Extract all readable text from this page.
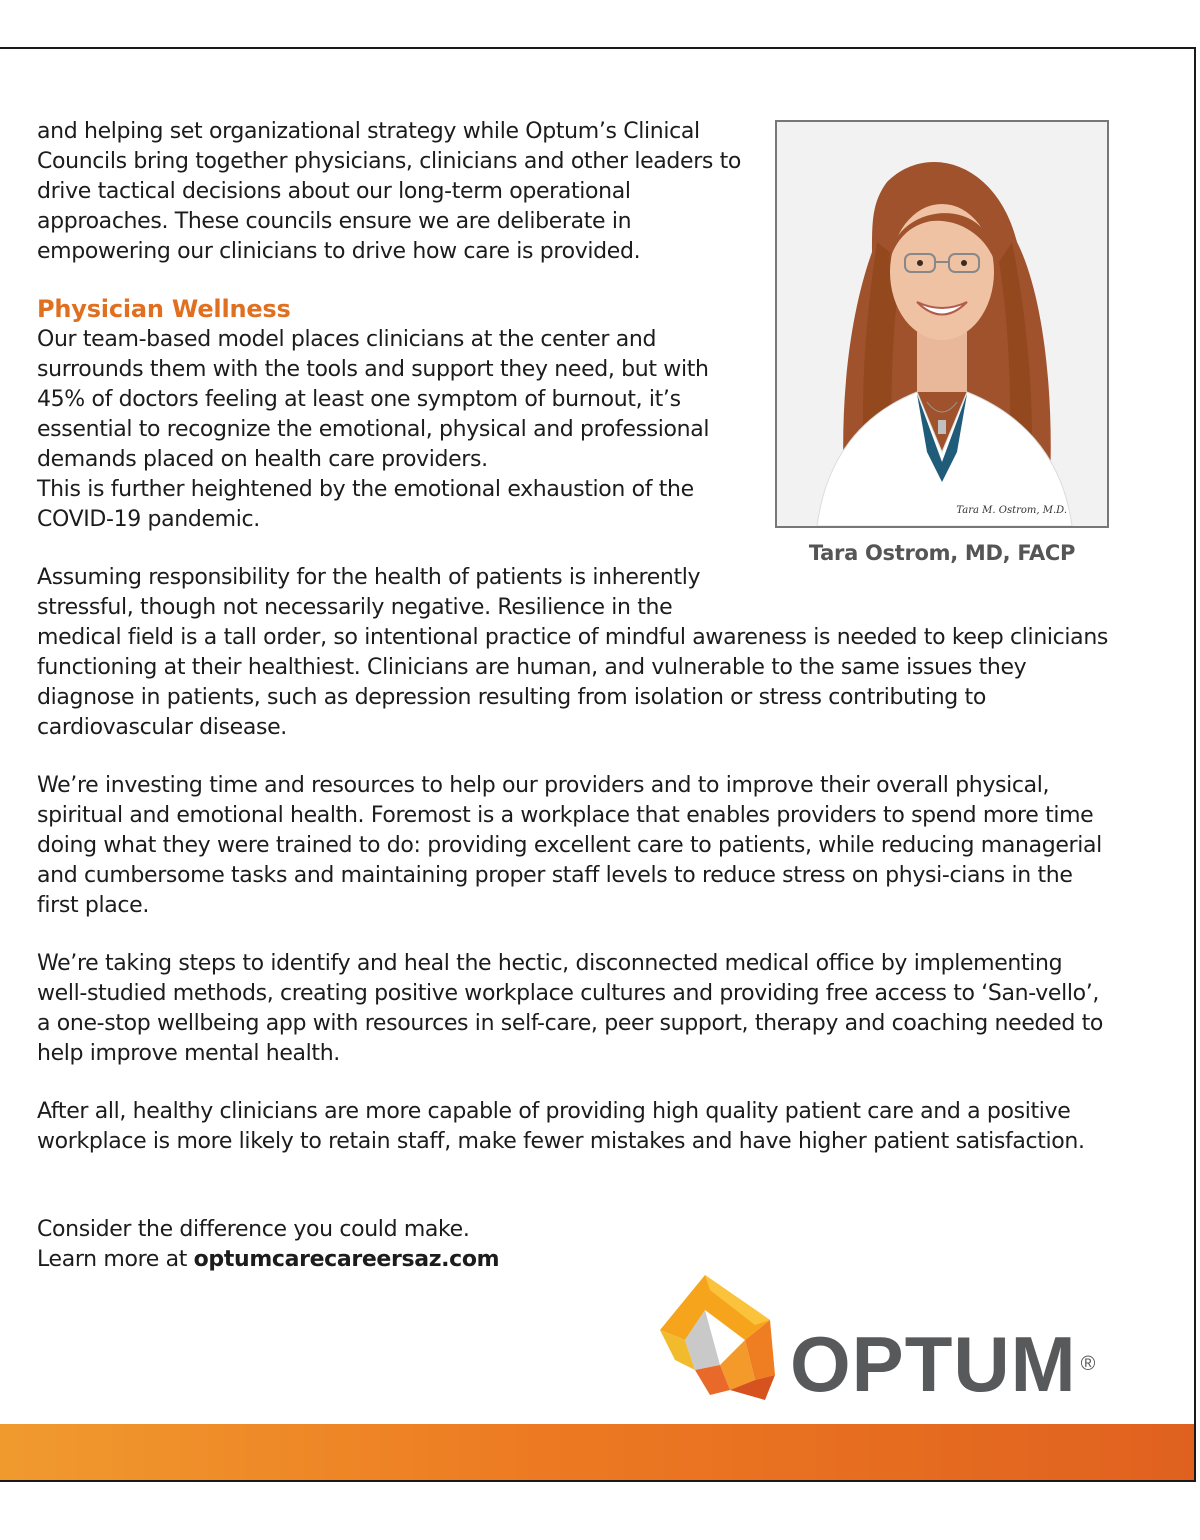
and helping set organizational strategy while Optum’s Clinical Councils bring together physicians, clinicians and other leaders to drive tactical decisions about our long-term operational approaches. These councils ensure we are deliberate in empowering our clinicians to drive how care is provided.
Physician Wellness
Our team-based model places clinicians at the center and surrounds them with the tools and support they need, but with 45% of doctors feeling at least one symptom of burnout, it’s essential to recognize the emotional, physical and professional demands placed on health care providers.
This is further heightened by the emotional exhaustion of the COVID-19 pandemic.
Assuming responsibility for the health of patients is inherently stressful, though not necessarily negative. Resilience in the
medical field is a tall order, so intentional practice of mindful awareness is needed to keep clinicians functioning at their healthiest. Clinicians are human, and vulnerable to the same issues they diagnose in patients, such as depression resulting from isolation or stress contributing to cardiovascular disease.
We’re investing time and resources to help our providers and to improve their overall physical, spiritual and emotional health. Foremost is a workplace that enables providers to spend more time doing what they were trained to do: providing excellent care to patients, while reducing managerial and cumbersome tasks and maintaining proper staff levels to reduce stress on physi-cians in the first place.
We’re taking steps to identify and heal the hectic, disconnected medical office by implementing well-studied methods, creating positive workplace cultures and providing free access to ‘San-vello’, a one-stop wellbeing app with resources in self-care, peer support, therapy and coaching needed to help improve mental health.
After all, healthy clinicians are more capable of providing high quality patient care and a positive workplace is more likely to retain staff, make fewer mistakes and have higher patient satisfaction.
Consider the difference you could make.
Learn more at optumcarecareersaz.com
Tara M. Ostrom, M.D.

Tara Ostrom, MD, FACP

OPTUM ®
